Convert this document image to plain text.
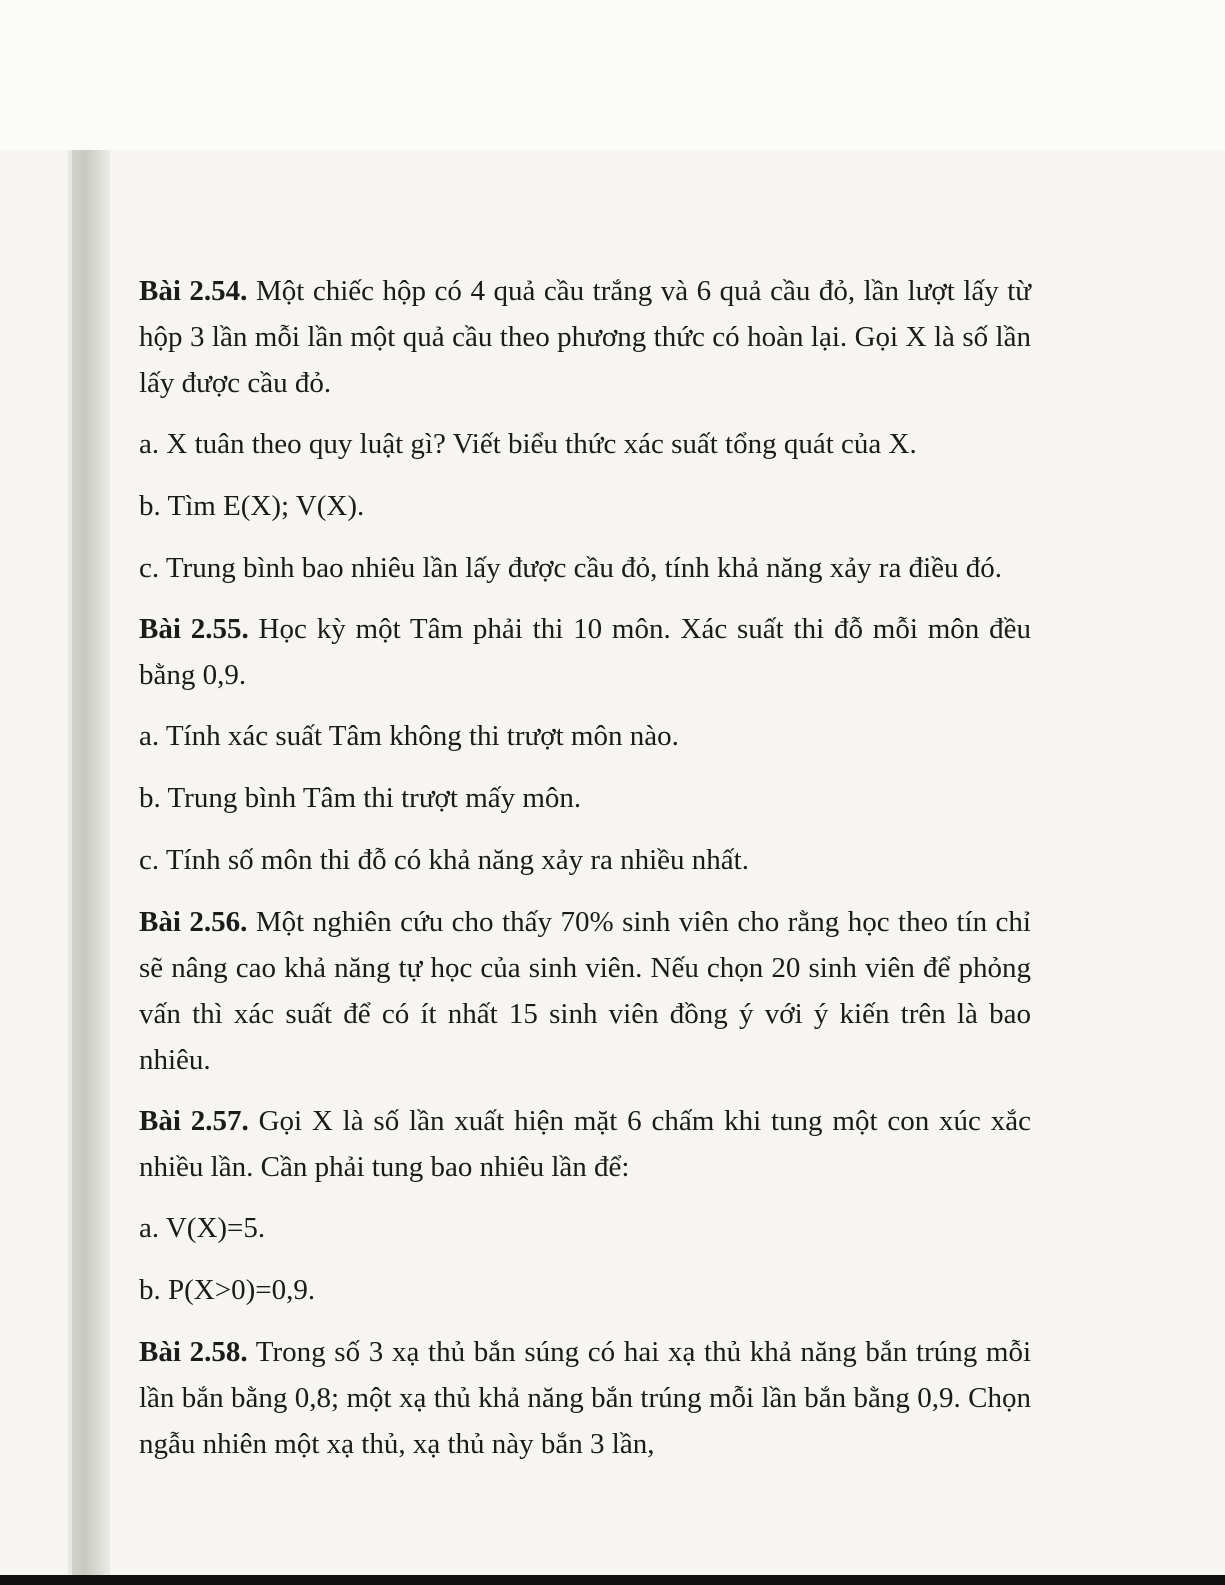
Bài 2.54. Một chiếc hộp có 4 quả cầu trắng và 6 quả cầu đỏ, lần lượt lấy từ hộp 3 lần mỗi lần một quả cầu theo phương thức có hoàn lại. Gọi X là số lần lấy được cầu đỏ.

a. X tuân theo quy luật gì? Viết biểu thức xác suất tổng quát của X.

b. Tìm E(X); V(X).

c. Trung bình bao nhiêu lần lấy được cầu đỏ, tính khả năng xảy ra điều đó.

Bài 2.55. Học kỳ một Tâm phải thi 10 môn. Xác suất thi đỗ mỗi môn đều bằng 0,9.

a. Tính xác suất Tâm không thi trượt môn nào.

b. Trung bình Tâm thi trượt mấy môn.

c. Tính số môn thi đỗ có khả năng xảy ra nhiều nhất.

Bài 2.56. Một nghiên cứu cho thấy 70% sinh viên cho rằng học theo tín chỉ sẽ nâng cao khả năng tự học của sinh viên. Nếu chọn 20 sinh viên để phỏng vấn thì xác suất để có ít nhất 15 sinh viên đồng ý với ý kiến trên là bao nhiêu.

Bài 2.57. Gọi X là số lần xuất hiện mặt 6 chấm khi tung một con xúc xắc nhiều lần. Cần phải tung bao nhiêu lần để:

a. V(X)=5.

b. P(X>0)=0,9.

Bài 2.58. Trong số 3 xạ thủ bắn súng có hai xạ thủ khả năng bắn trúng mỗi lần bắn bằng 0,8; một xạ thủ khả năng bắn trúng mỗi lần bắn bằng 0,9. Chọn ngẫu nhiên một xạ thủ, xạ thủ này bắn 3 lần,
